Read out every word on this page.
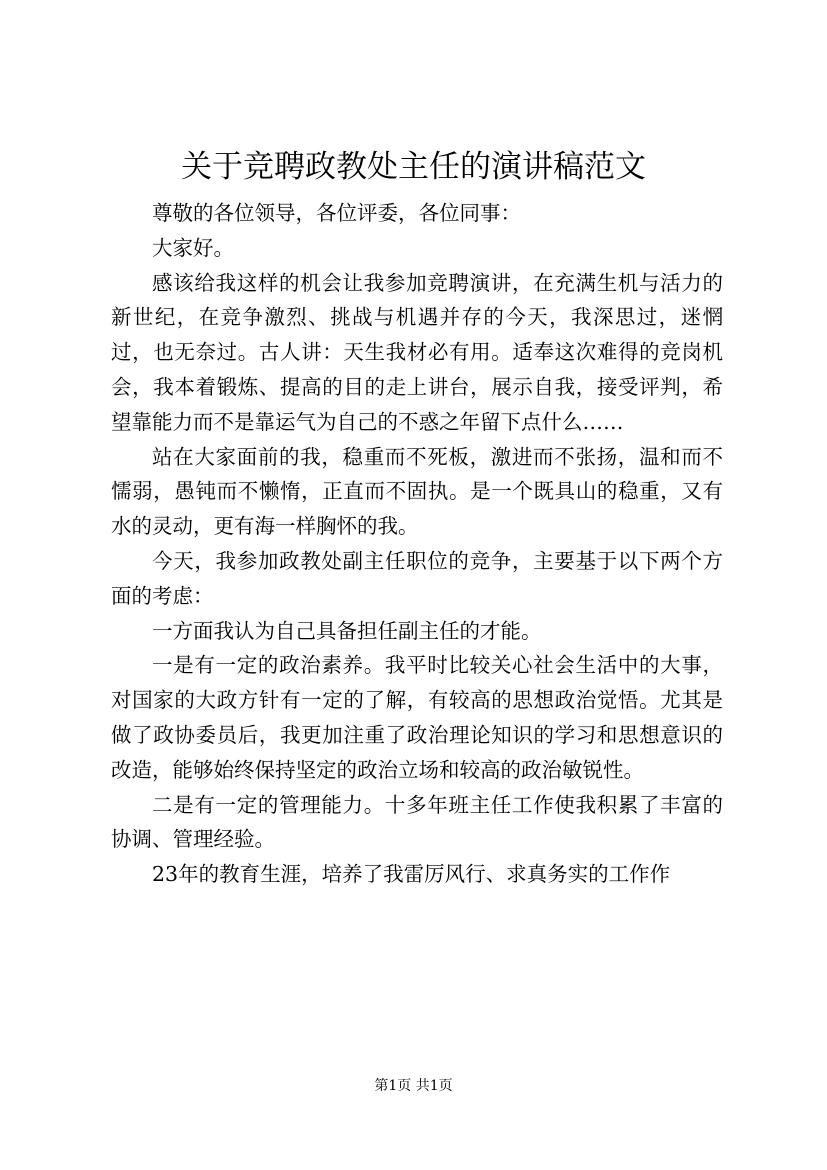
关于竞聘政教处主任的演讲稿范文

尊敬的各位领导，各位评委，各位同事：

大家好。

感该给我这样的机会让我参加竞聘演讲，在充满生机与活力的新世纪，在竞争激烈、挑战与机遇并存的今天，我深思过，迷惘过，也无奈过。古人讲：天生我材必有用。适奉这次难得的竞岗机会，我本着锻炼、提高的目的走上讲台，展示自我，接受评判，希望靠能力而不是靠运气为自己的不惑之年留下点什么……

站在大家面前的我，稳重而不死板，激进而不张扬，温和而不懦弱，愚钝而不懒惰，正直而不固执。是一个既具山的稳重，又有水的灵动，更有海一样胸怀的我。

今天，我参加政教处副主任职位的竞争，主要基于以下两个方面的考虑：

一方面我认为自己具备担任副主任的才能。

一是有一定的政治素养。我平时比较关心社会生活中的大事，对国家的大政方针有一定的了解，有较高的思想政治觉悟。尤其是做了政协委员后，我更加注重了政治理论知识的学习和思想意识的改造，能够始终保持坚定的政治立场和较高的政治敏锐性。

二是有一定的管理能力。十多年班主任工作使我积累了丰富的协调、管理经验。

23年的教育生涯，培养了我雷厉风行、求真务实的工作作

第1页 共1页
